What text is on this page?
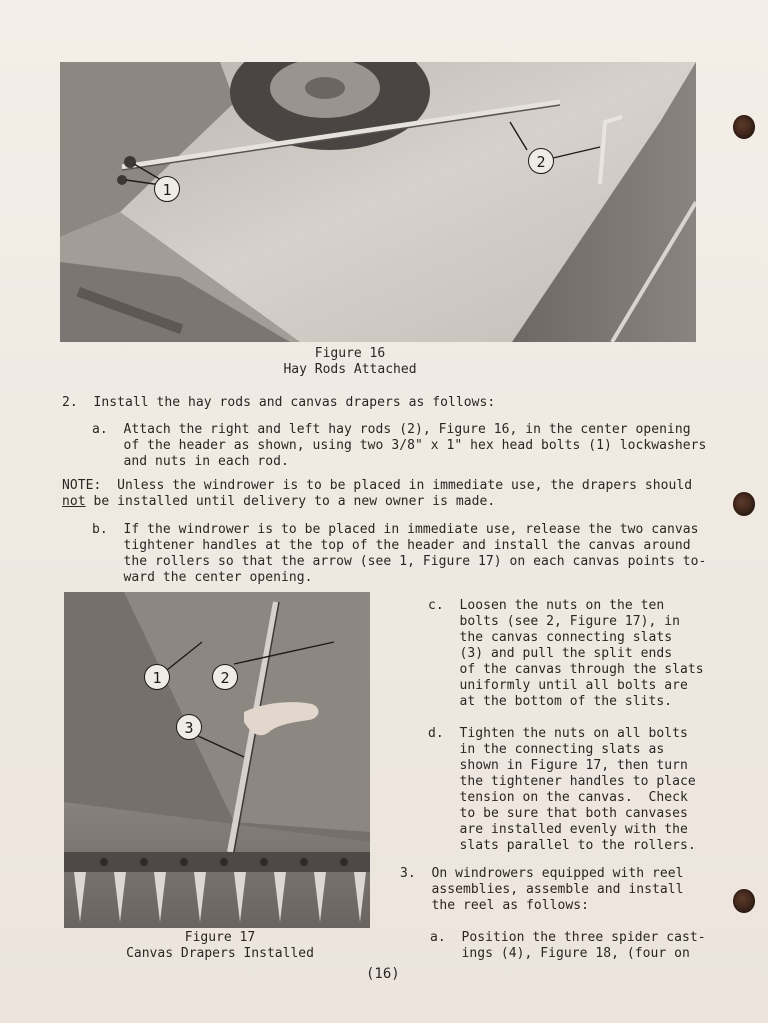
1
2
Figure 16
Hay Rods Attached
2.  Install the hay rods and canvas drapers as follows:
a.  Attach the right and left hay rods (2), Figure 16, in the center opening
of the header as shown, using two 3/8" x 1" hex head bolts (1) lockwashers
and nuts in each rod.
NOTE:  Unless the windrower is to be placed in immediate use, the drapers should
not be installed until delivery to a new owner is made.
b.  If the windrower is to be placed in immediate use, release the two canvas
tightener handles at the top of the header and install the canvas around
the rollers so that the arrow (see 1, Figure 17) on each canvas points to-
ward the center opening.
1	2
3
Figure 17
Canvas Drapers Installed
c.  Loosen the nuts on the ten
bolts (see 2, Figure 17), in
the canvas connecting slats
(3) and pull the split ends
of the canvas through the slats
uniformly until all bolts are
at the bottom of the slits.
d.  Tighten the nuts on all bolts
in the connecting slats as
shown in Figure 17, then turn
the tightener handles to place
tension on the canvas.  Check
to be sure that both canvases
are installed evenly with the
slats parallel to the rollers.
3.  On windrowers equipped with reel
assemblies, assemble and install
the reel as follows:
a.  Position the three spider cast-
ings (4), Figure 18, (four on
(16)
